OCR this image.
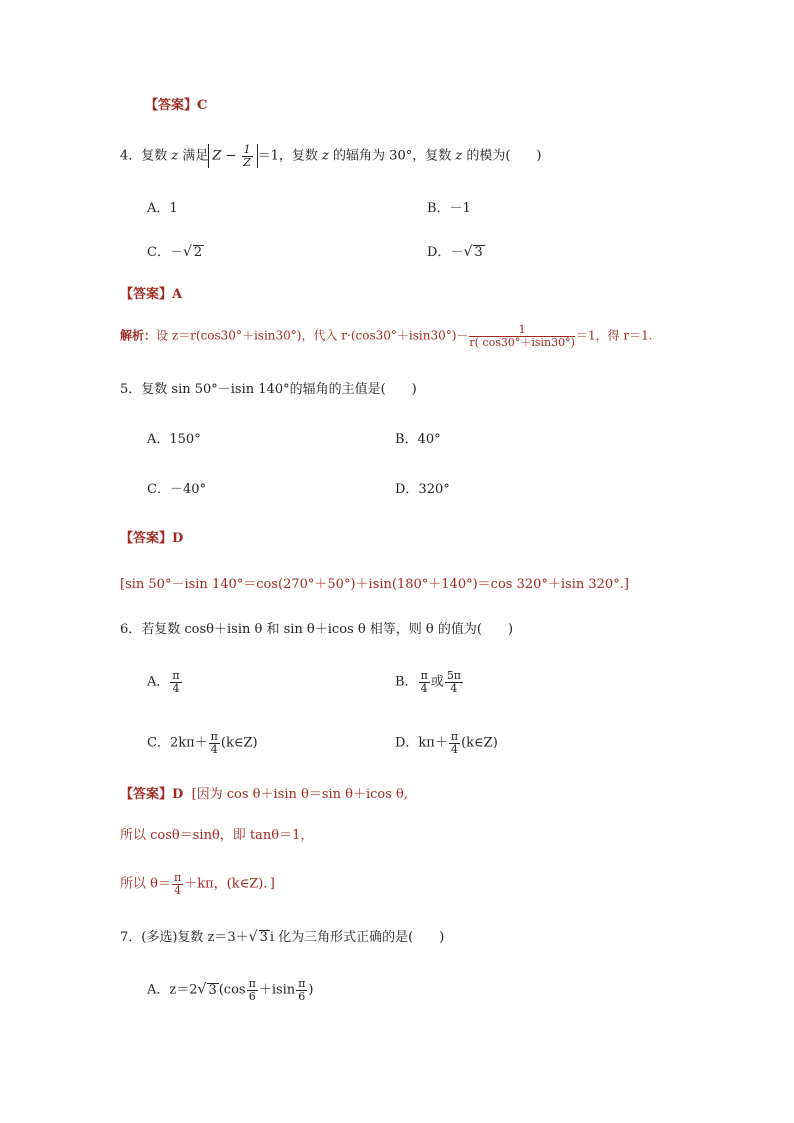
【答案】C
4．复数 z 满足 $Z - \frac{1}{Z} =1$，复数 z 的辐角为 30°，复数 z 的模为(　　)
A．1	B．－1
C．－√ 2	D．－√ 3
【答案】A
解析：设 z＝r(cos30°＋isin30°)，代入 $r\cdot(\cos 30^\circ+isin30^\circ)- \frac{1}{r( \cos 30^\circ+isin30^\circ)} =1$，得 r＝1.
5．复数 sin 50°－isin 140°的辐角的主值是(　　)
A．150°	B．40°
C．－40°	D．320°
【答案】D
[sin 50°－isin 140°＝cos(270°＋50°)＋isin(180°＋140°)＝cos 320°＋isin 320°.]
6．若复数 cosθ＋isin θ 和 sin θ＋icos θ 相等，则 θ 的值为(　　)
A． $\frac{\pi}{4}$	B． $\frac{\pi}{4}$ 或 $\frac{5\pi}{4}$
C．$2k\pi+ \frac{\pi}{4}$ (k∈Z)	D．$k\pi+ \frac{\pi}{4}$ (k∈Z)
【答案】D [因为 cos θ＋isin θ＝sin θ＋icos θ,
所以 cosθ＝sinθ，即 tanθ＝1，
所以 $\theta= \frac{\pi}{4} +k\pi$，(k∈Z)．]
7．(多选)复数 z＝3＋√ 3 i 化为三角形式正确的是(　　)
A．z＝2√ 3 ($\cos \frac{\pi}{6} +isin \frac{\pi}{6}$ )
